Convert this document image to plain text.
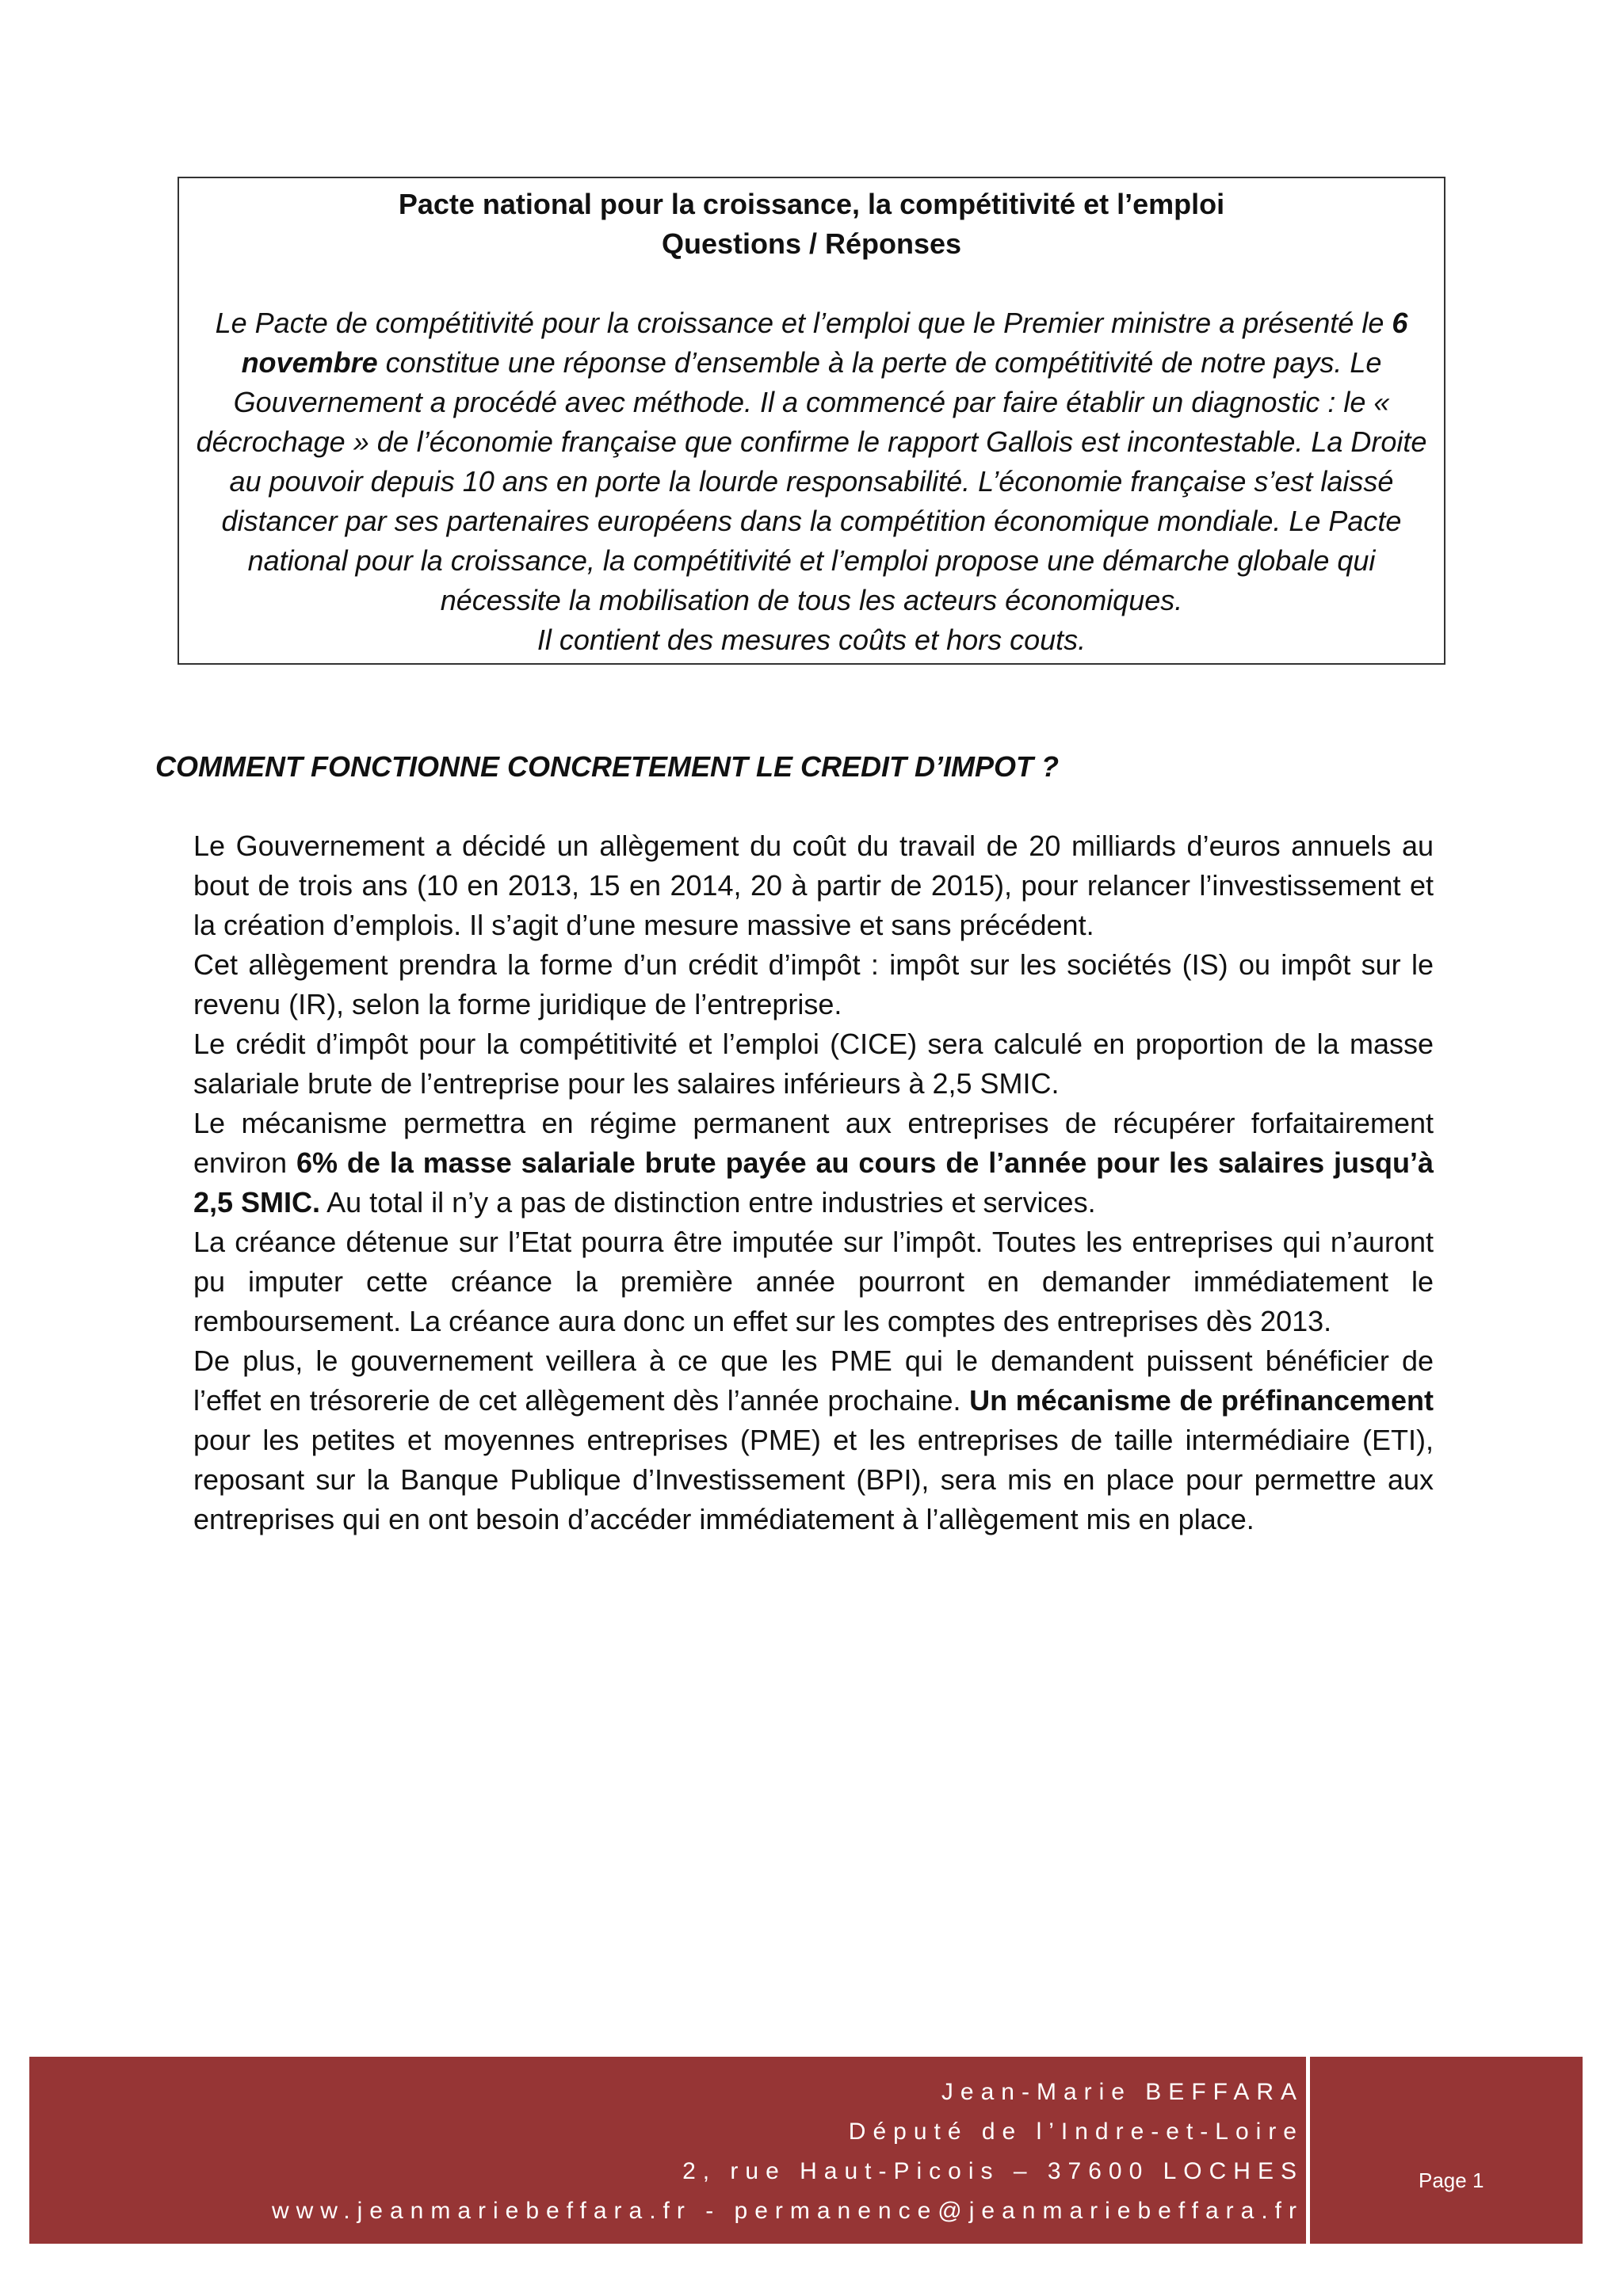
Pacte national pour la croissance, la compétitivité et l’emploi

Questions / Réponses

Le Pacte de compétitivité pour la croissance et l’emploi que le Premier ministre a présenté le 6 novembre constitue une réponse d’ensemble à la perte de compétitivité de notre pays. Le Gouvernement a procédé avec méthode. Il a commencé par faire établir un diagnostic : le « décrochage » de l’économie française que confirme le rapport Gallois est incontestable. La Droite au pouvoir depuis 10 ans en porte la lourde responsabilité. L’économie française s’est laissé distancer par ses partenaires européens dans la compétition économique mondiale. Le Pacte national pour la croissance, la compétitivité et l’emploi propose une démarche globale qui nécessite la mobilisation de tous les acteurs économiques.
Il contient des mesures coûts et hors couts.

COMMENT FONCTIONNE CONCRETEMENT LE CREDIT D’IMPOT ?

Le Gouvernement a décidé un allègement du coût du travail de 20 milliards d’euros annuels au bout de trois ans (10 en 2013, 15 en 2014, 20 à partir de 2015), pour relancer l’investissement et la création d’emplois. Il s’agit d’une mesure massive et sans précédent.

Cet allègement prendra la forme d’un crédit d’impôt : impôt sur les sociétés (IS) ou impôt sur le revenu (IR), selon la forme juridique de l’entreprise.

Le crédit d’impôt pour la compétitivité et l’emploi (CICE) sera calculé en proportion de la masse salariale brute de l’entreprise pour les salaires inférieurs à 2,5 SMIC.

Le mécanisme permettra en régime permanent aux entreprises de récupérer forfaitairement environ 6% de la masse salariale brute payée au cours de l’année pour les salaires jusqu’à 2,5 SMIC. Au total il n’y a pas de distinction entre industries et services.

La créance détenue sur l’Etat pourra être imputée sur l’impôt. Toutes les entreprises qui n’auront pu imputer cette créance la première année pourront en demander immédiatement le remboursement. La créance aura donc un effet sur les comptes des entreprises dès 2013.

De plus, le gouvernement veillera à ce que les PME qui le demandent puissent bénéficier de l’effet en trésorerie de cet allègement dès l’année prochaine. Un mécanisme de préfinancement pour les petites et moyennes entreprises (PME) et les entreprises de taille intermédiaire (ETI), reposant sur la Banque Publique d’Investissement (BPI), sera mis en place pour permettre aux entreprises qui en ont besoin d’accéder immédiatement à l’allègement mis en place.

Jean-Marie BEFFARA
Député de l’Indre-et-Loire
2, rue Haut-Picois – 37600 LOCHES
www.jeanmariebeffara.fr - permanence@jeanmariebeffara.fr
Page 1
